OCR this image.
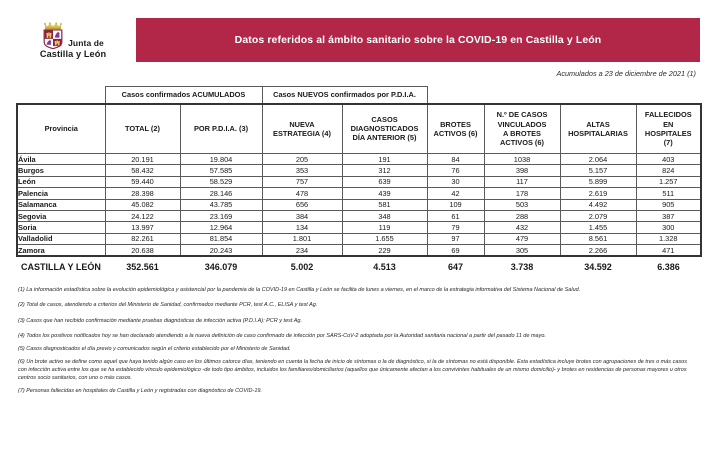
Junta de
Castilla y León
Datos referidos al ámbito sanitario sobre la COVID-19 en Castilla y León
Acumulados a 23 de diciembre de 2021 (1)
	Casos confirmados ACUMULADOS		Casos NUEVOS confirmados por P.D.I.A.					

Provincia	TOTAL (2)	POR P.D.I.A. (3)

NUEVA
ESTRATEGIA (4)

CASOS
DIAGNOSTICADOS
DÍA ANTERIOR (5)

BROTES
ACTIVOS (6)

N.º DE CASOS
VINCULADOS
A BROTES
ACTIVOS (6)

ALTAS
HOSPITALARIAS

FALLECIDOS
EN
HOSPITALES
(7)

Ávila	20.191	19.804	205	191	84	1038	2.064	403
Burgos	58.432	57.585	353	312	76	398	5.157	824
León	59.440	58.529	757	639	30	117	5.899	1.257
Palencia	28.398	28.146	478	439	42	178	2.619	511
Salamanca	45.082	43.785	656	581	109	503	4.492	905
Segovia	24.122	23.169	384	348	61	288	2.079	387
Soria	13.997	12.964	134	119	79	432	1.455	300
Valladolid	82.261	81.854	1.801	1.655	97	479	8.561	1.328
Zamora	20.638	20.243	234	229	69	305	2.266	471
CASTILLA Y LEÓN	352.561	346.079	5.002	4.513	647	3.738	34.592	6.386
(1) La información estadística sobre la evolución epidemiológica y asistencial por la pandemia de la COVID-19 en Castilla y León se facilita de lunes a viernes, en el marco de la estrategia informativa del Sistema Nacional de Salud.
(2) Total de casos, atendiendo a criterios del Ministerio de Sanidad, confirmados mediante PCR, test A.C., ELISA y test Ag.
(3) Casos que han recibido confirmación mediante pruebas diagnósticas de infección activa (P.D.I.A): PCR y test Ag.
(4) Todos los positivos notificados hoy se han declarado atendiendo a la nueva definición de caso confirmado de infección por SARS-CoV-2 adoptada por la Autoridad sanitaria nacional a partir del pasado 11 de mayo.
(5) Casos diagnosticados el día previo y comunicados según el criterio establecido por el Ministerio de Sanidad.
(6) Un brote activo se define como aquel que haya tenido algún caso en los últimos catorce días, teniendo en cuenta la fecha de inicio de síntomas o la de diagnóstico, si la de síntomas no está disponible. Esta estadística incluye brotes con agrupaciones de tres o más casos con infección activa entre los que se ha establecido vínculo epidemiológico -de todo tipo ámbitos, incluidos los familiares/domiciliarios (aquellos que únicamente afectan a los convivintes habituales de un mismo domicilio)- y brotes en residencias de personas mayores u otros centros socio sanitarios, con uno o más casos.
(7) Personas fallecidas en hospitales de Castilla y León y registradas con diagnóstico de COVID-19.
